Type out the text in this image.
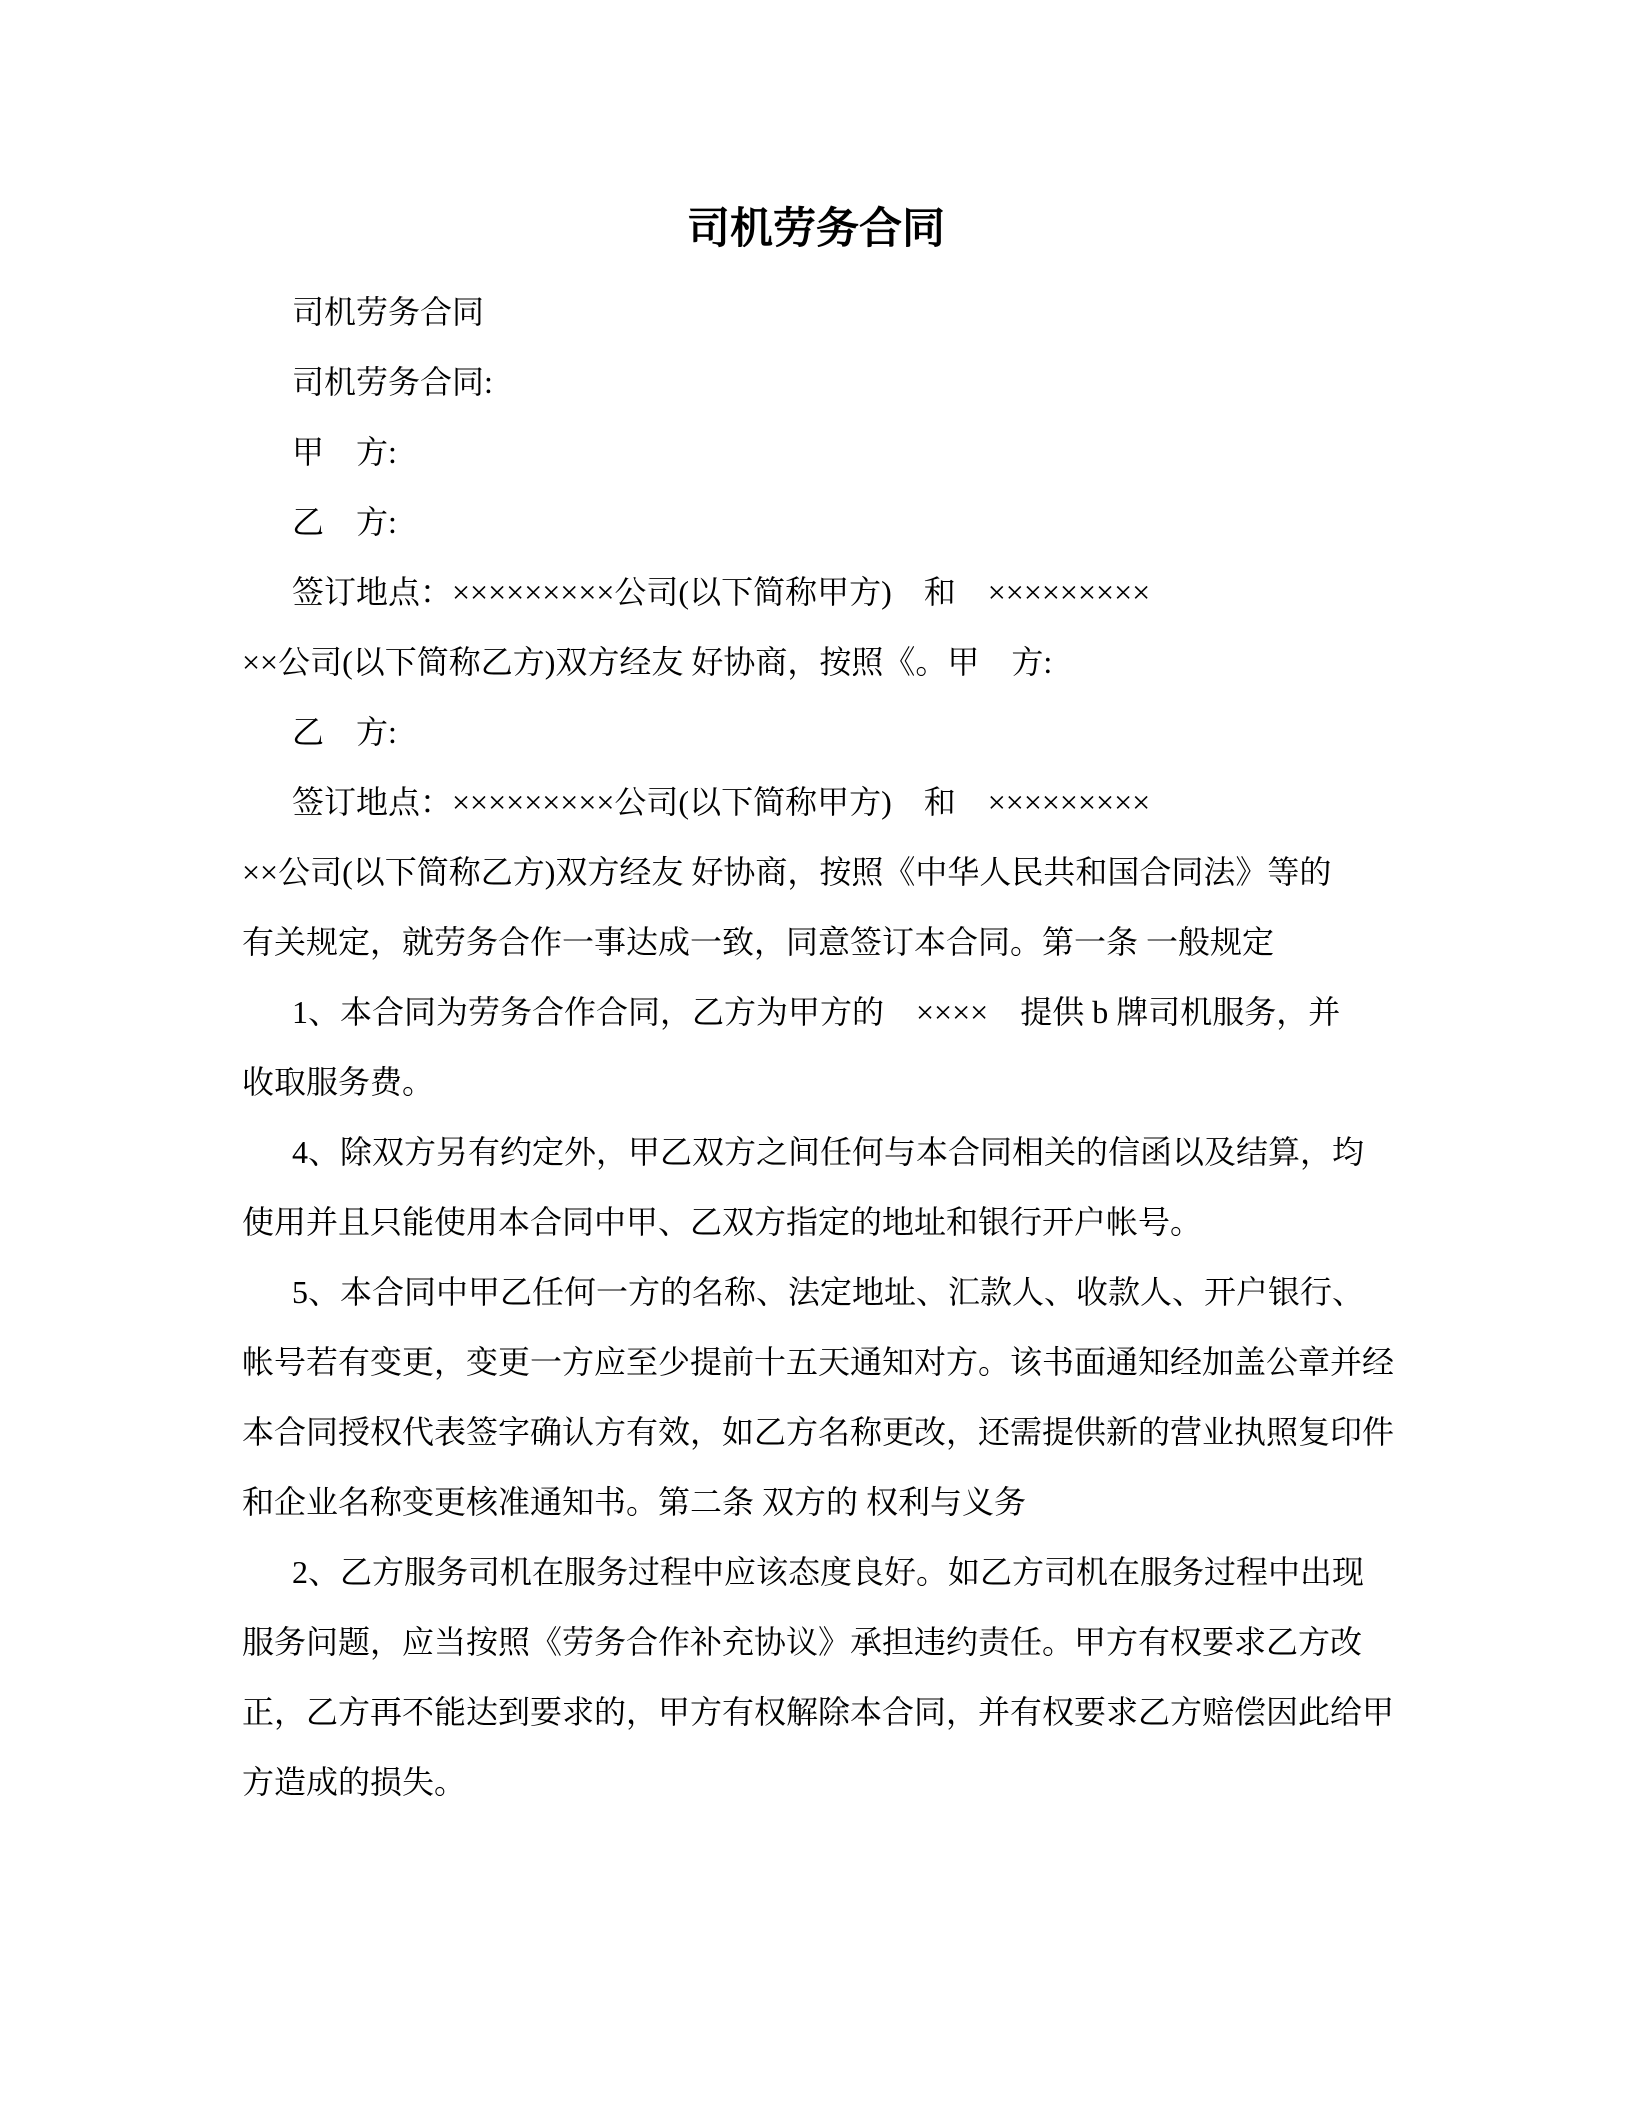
司机劳务合同
司机劳务合同
司机劳务合同:
甲　方:
乙　方:
签订地点：×××××××××公司(以下简称甲方)　和　×××××××××
××公司(以下简称乙方)双方经友 好协商，按照《。甲　方:
乙　方:
签订地点：×××××××××公司(以下简称甲方)　和　×××××××××
××公司(以下简称乙方)双方经友 好协商，按照《中华人民共和国合同法》等的
有关规定，就劳务合作一事达成一致，同意签订本合同。第一条 一般规定
1、本合同为劳务合作合同，乙方为甲方的　××××　提供 b 牌司机服务，并
收取服务费。
4、除双方另有约定外，甲乙双方之间任何与本合同相关的信函以及结算，均
使用并且只能使用本合同中甲、乙双方指定的地址和银行开户帐号。
5、本合同中甲乙任何一方的名称、法定地址、汇款人、收款人、开户银行、
帐号若有变更，变更一方应至少提前十五天通知对方。该书面通知经加盖公章并经
本合同授权代表签字确认方有效，如乙方名称更改，还需提供新的营业执照复印件
和企业名称变更核准通知书。第二条 双方的 权利与义务
2、乙方服务司机在服务过程中应该态度良好。如乙方司机在服务过程中出现
服务问题，应当按照《劳务合作补充协议》承担违约责任。甲方有权要求乙方改
正，乙方再不能达到要求的，甲方有权解除本合同，并有权要求乙方赔偿因此给甲
方造成的损失。
